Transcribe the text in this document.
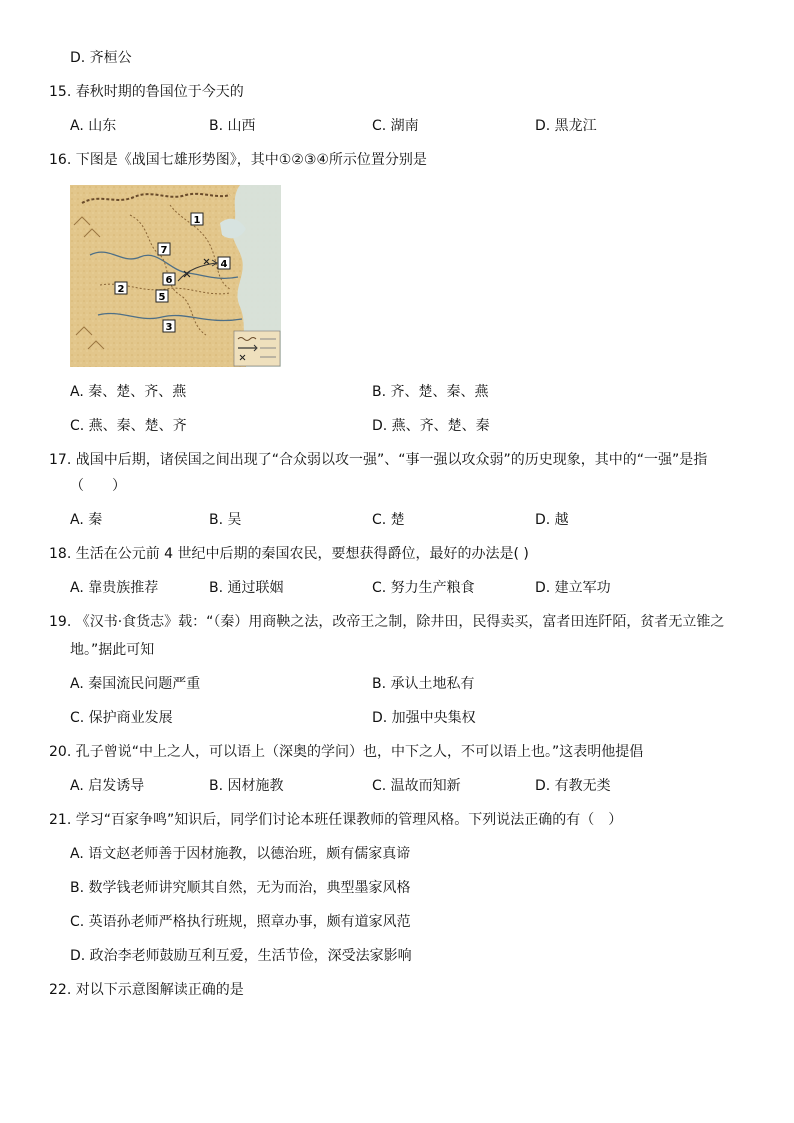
D. 齐桓公
15. 春秋时期的鲁国位于今天的
A. 山东	B. 山西	C. 湖南	D. 黑龙江
16. 下图是《战国七雄形势图》，其中①②③④所示位置分别是
1
2
3
4
5
6
7
A. 秦、楚、齐、燕	B. 齐、楚、秦、燕
C. 燕、秦、楚、齐	D. 燕、齐、楚、秦
17. 战国中后期，诸侯国之间出现了“合众弱以攻一强”、“事一强以攻众弱”的历史现象，其中的“一强”是指
（　　）
A. 秦	B. 吴	C. 楚	D. 越
18. 生活在公元前 4 世纪中后期的秦国农民，要想获得爵位，最好的办法是( )
A. 靠贵族推荐	B. 通过联姻	C. 努力生产粮食	D. 建立军功
19. 《汉书·食货志》载：“（秦）用商鞅之法，改帝王之制，除井田，民得卖买，富者田连阡陌，贫者无立锥之
地。”据此可知
A. 秦国流民问题严重	B. 承认土地私有
C. 保护商业发展	D. 加强中央集权
20. 孔子曾说“中上之人，可以语上（深奥的学问）也，中下之人，不可以语上也。”这表明他提倡
A. 启发诱导	B. 因材施教	C. 温故而知新	D. 有教无类
21. 学习“百家争鸣”知识后，同学们讨论本班任课教师的管理风格。下列说法正确的有（　）
A. 语文赵老师善于因材施教，以德治班，颇有儒家真谛
B. 数学钱老师讲究顺其自然，无为而治，典型墨家风格
C. 英语孙老师严格执行班规，照章办事，颇有道家风范
D. 政治李老师鼓励互利互爱，生活节俭，深受法家影响
22. 对以下示意图解读正确的是
